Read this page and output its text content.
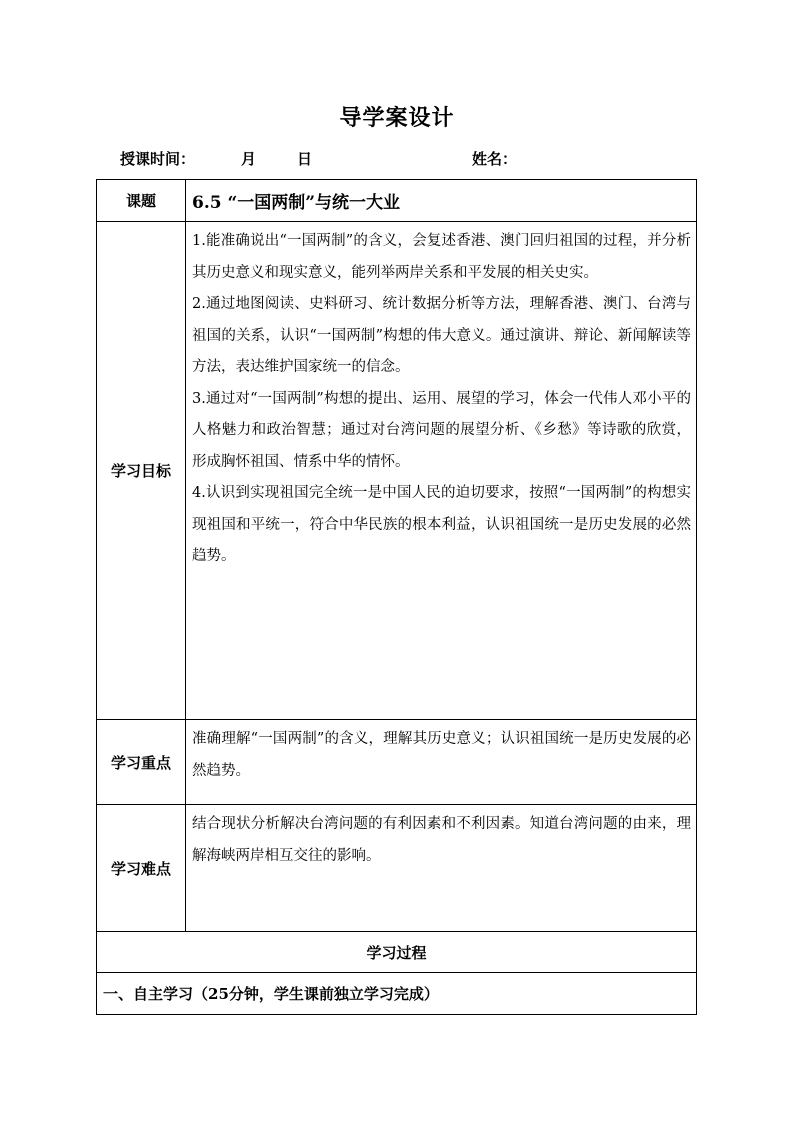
导学案设计
授课时间：	月	日	姓名：
课题	6.5 “一国两制”与统一大业
学习目标	1.能准确说出“一国两制”的含义，会复述香港、澳门回归祖国的过程，并分析其历史意义和现实意义，能列举两岸关系和平发展的相关史实。

2.通过地图阅读、史料研习、统计数据分析等方法，理解香港、澳门、台湾与祖国的关系，认识“一国两制”构想的伟大意义。通过演讲、辩论、新闻解读等方法，表达维护国家统一的信念。

3.通过对“一国两制”构想的提出、运用、展望的学习，体会一代伟人邓小平的人格魅力和政治智慧；通过对台湾问题的展望分析、《乡愁》等诗歌的欣赏，形成胸怀祖国、情系中华的情怀。

4.认识到实现祖国完全统一是中国人民的迫切要求，按照“一国两制”的构想实现祖国和平统一，符合中华民族的根本利益，认识祖国统一是历史发展的必然趋势。

学习重点	准确理解“一国两制”的含义，理解其历史意义；认识祖国统一是历史发展的必然趋势。

学习难点	结合现状分析解决台湾问题的有利因素和不利因素。知道台湾问题的由来，理解海峡两岸相互交往的影响。

学习过程	
一、自主学习（25分钟，学生课前独立学习完成）	
